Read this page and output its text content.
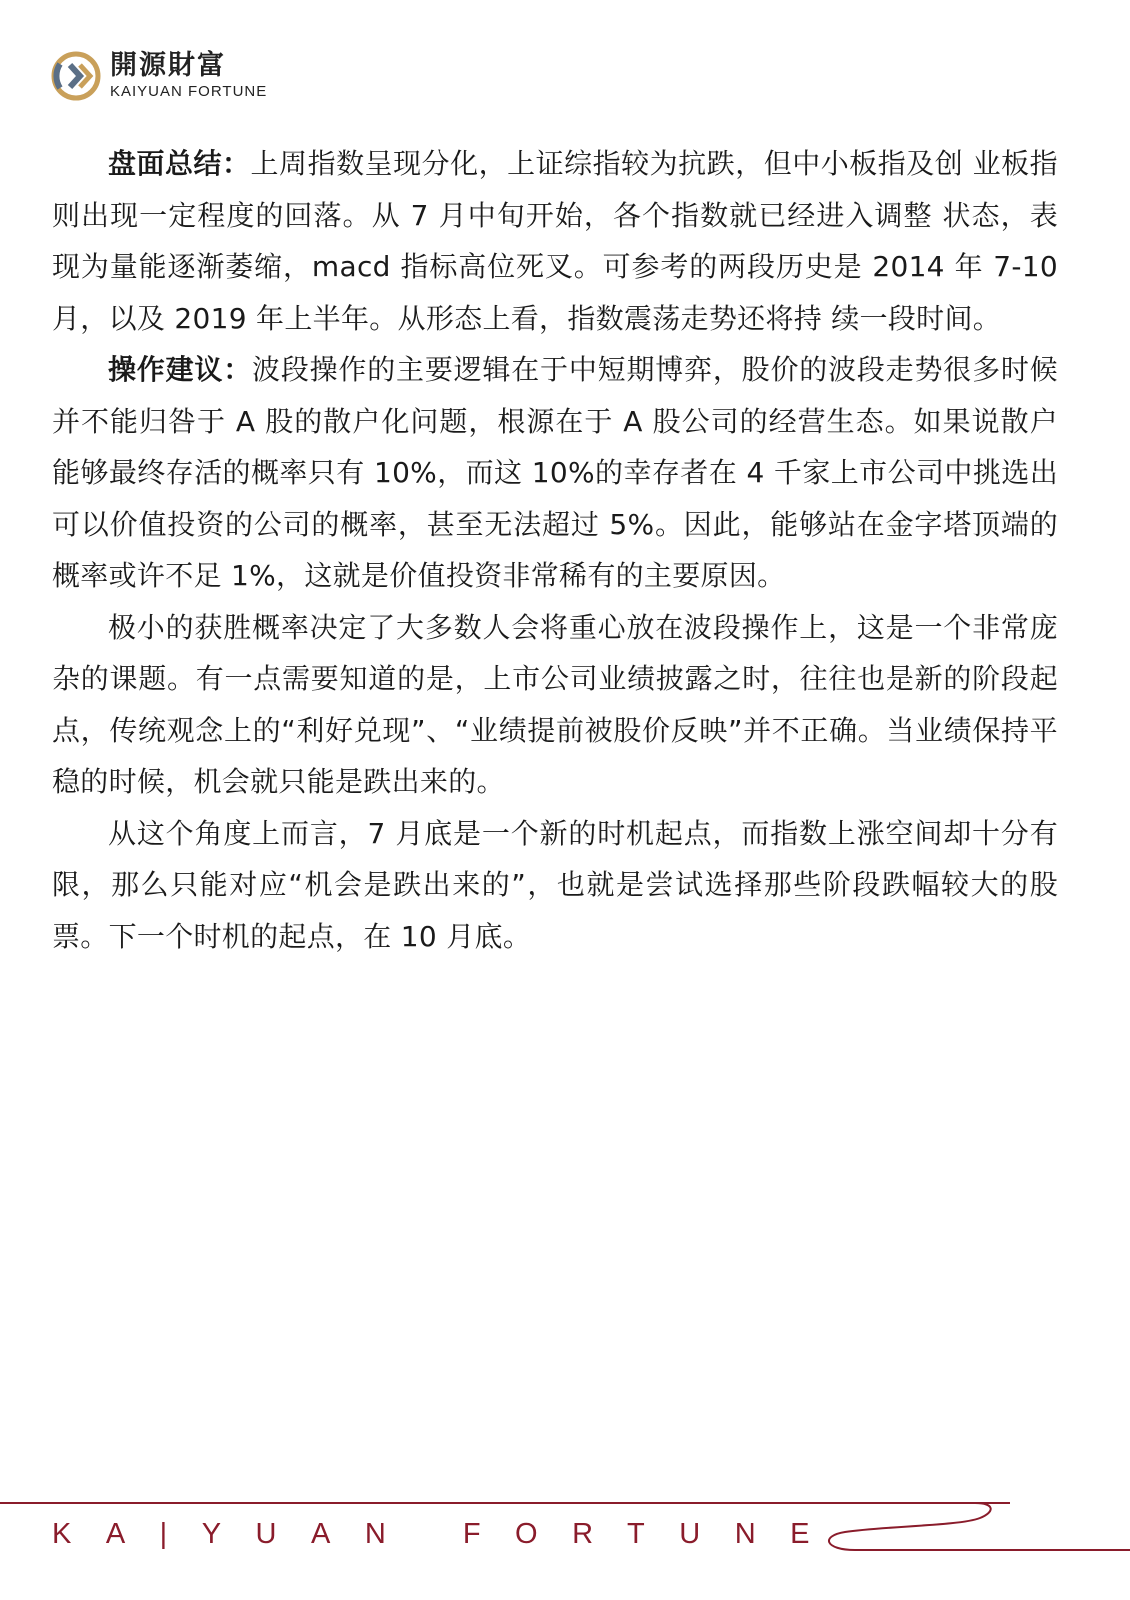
開源財富
KAIYUAN FORTUNE

盘面总结：上周指数呈现分化，上证综指较为抗跌，但中小板指及创 业板指则出现一定程度的回落。从 7 月中旬开始，各个指数就已经进入调整 状态，表现为量能逐渐萎缩，macd 指标高位死叉。可参考的两段历史是 2014 年 7-10 月，以及 2019 年上半年。从形态上看，指数震荡走势还将持 续一段时间。

操作建议：波段操作的主要逻辑在于中短期博弈，股价的波段走势很多时候并不能归咎于 A 股的散户化问题，根源在于 A 股公司的经营生态。如果说散户能够最终存活的概率只有 10%，而这 10%的幸存者在 4 千家上市公司中挑选出可以价值投资的公司的概率，甚至无法超过 5%。因此，能够站在金字塔顶端的概率或许不足 1%，这就是价值投资非常稀有的主要原因。

极小的获胜概率决定了大多数人会将重心放在波段操作上，这是一个非常庞杂的课题。有一点需要知道的是，上市公司业绩披露之时，往往也是新的阶段起点，传统观念上的“利好兑现”、“业绩提前被股价反映”并不正确。当业绩保持平稳的时候，机会就只能是跌出来的。

从这个角度上而言，7 月底是一个新的时机起点，而指数上涨空间却十分有限，那么只能对应“机会是跌出来的”，也就是尝试选择那些阶段跌幅较大的股票。下一个时机的起点，在 10 月底。

KA|YUAN FORTUNE
